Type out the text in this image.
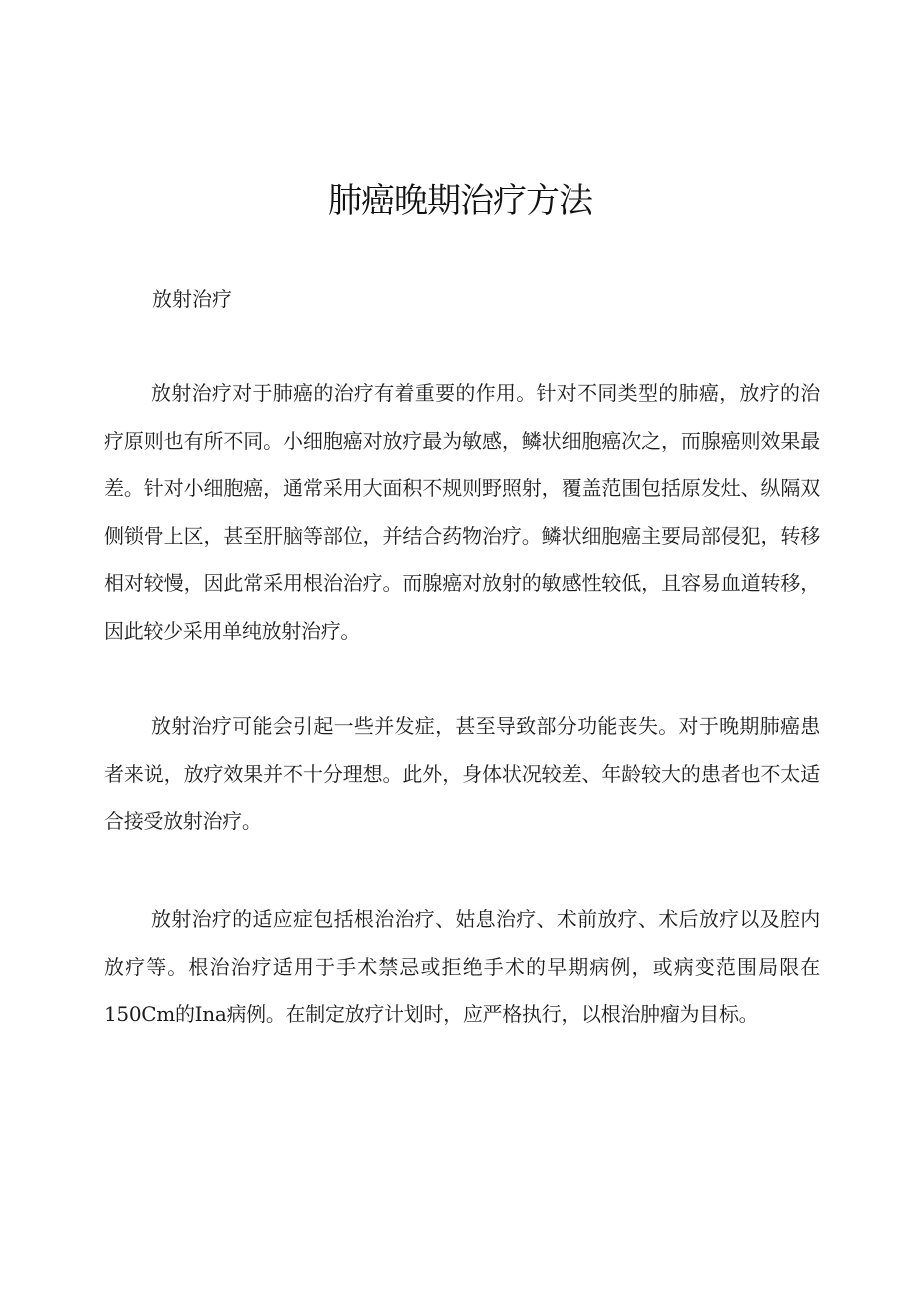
肺癌晚期治疗方法
放射治疗

放射治疗对于肺癌的治疗有着重要的作用。针对不同类型的肺癌，放疗的治疗原则也有所不同。小细胞癌对放疗最为敏感，鳞状细胞癌次之，而腺癌则效果最差。针对小细胞癌，通常采用大面积不规则野照射，覆盖范围包括原发灶、纵隔双侧锁骨上区，甚至肝脑等部位，并结合药物治疗。鳞状细胞癌主要局部侵犯，转移相对较慢，因此常采用根治治疗。而腺癌对放射的敏感性较低，且容易血道转移，因此较少采用单纯放射治疗。

放射治疗可能会引起一些并发症，甚至导致部分功能丧失。对于晚期肺癌患者来说，放疗效果并不十分理想。此外，身体状况较差、年龄较大的患者也不太适合接受放射治疗。

放射治疗的适应症包括根治治疗、姑息治疗、术前放疗、术后放疗以及腔内放疗等。根治治疗适用于手术禁忌或拒绝手术的早期病例，或病变范围局限在150Cm的Ina病例。在制定放疗计划时，应严格执行，以根治肿瘤为目标。
